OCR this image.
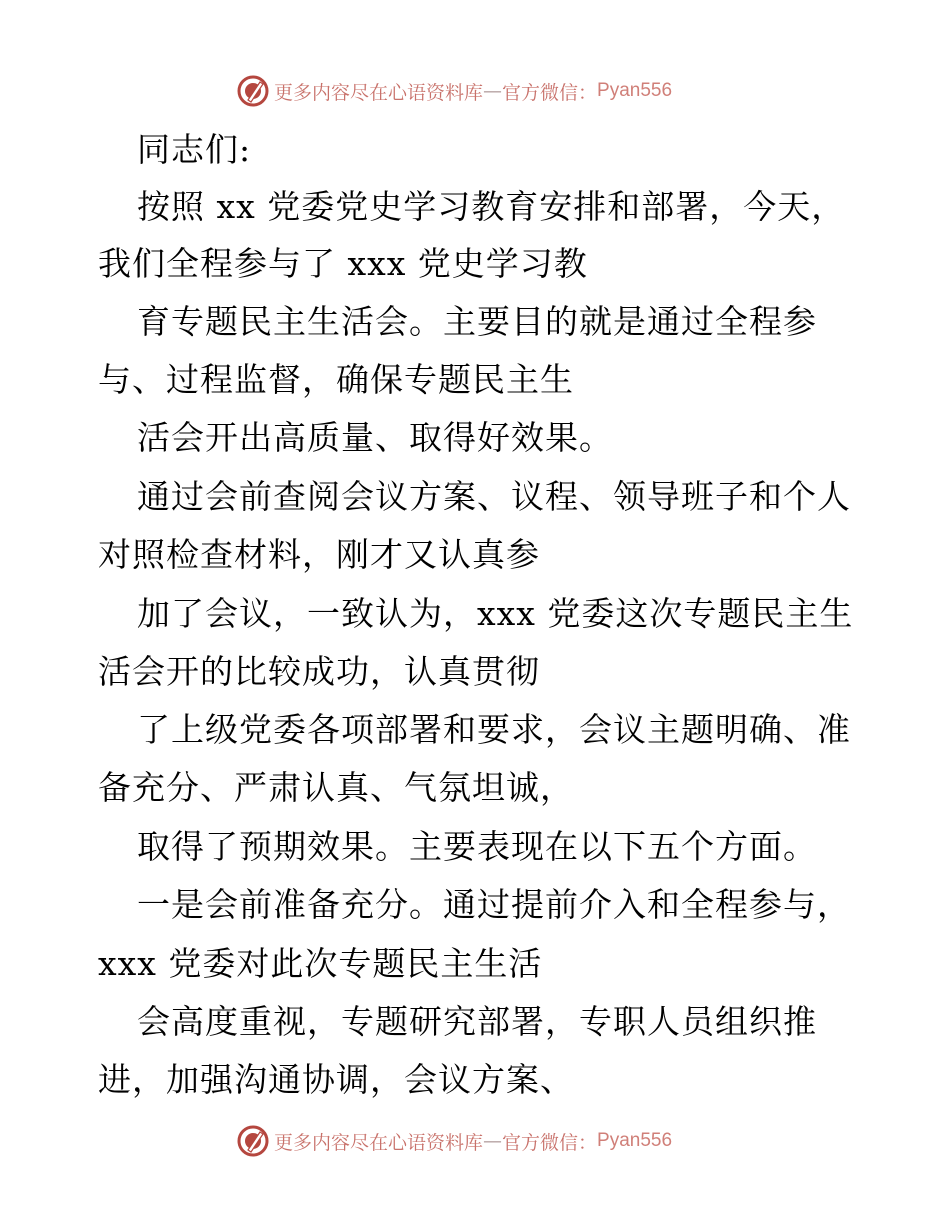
更多内容尽在心语资料库 — 官方微信： Pyan556
同志们:
按照 xx 党委党史学习教育安排和部署，今天，
我们全程参与了 xxx 党史学习教
育专题民主生活会。主要目的就是通过全程参
与、过程监督，确保专题民主生
活会开出高质量、取得好效果。
通过会前查阅会议方案、议程、领导班子和个人
对照检查材料，刚才又认真参
加了会议，一致认为，xxx 党委这次专题民主生
活会开的比较成功，认真贯彻
了上级党委各项部署和要求，会议主题明确、准
备充分、严肃认真、气氛坦诚，
取得了预期效果。主要表现在以下五个方面。
一是会前准备充分。通过提前介入和全程参与，
xxx 党委对此次专题民主生活
会高度重视，专题研究部署，专职人员组织推
进，加强沟通协调，会议方案、
更多内容尽在心语资料库 — 官方微信： Pyan556
